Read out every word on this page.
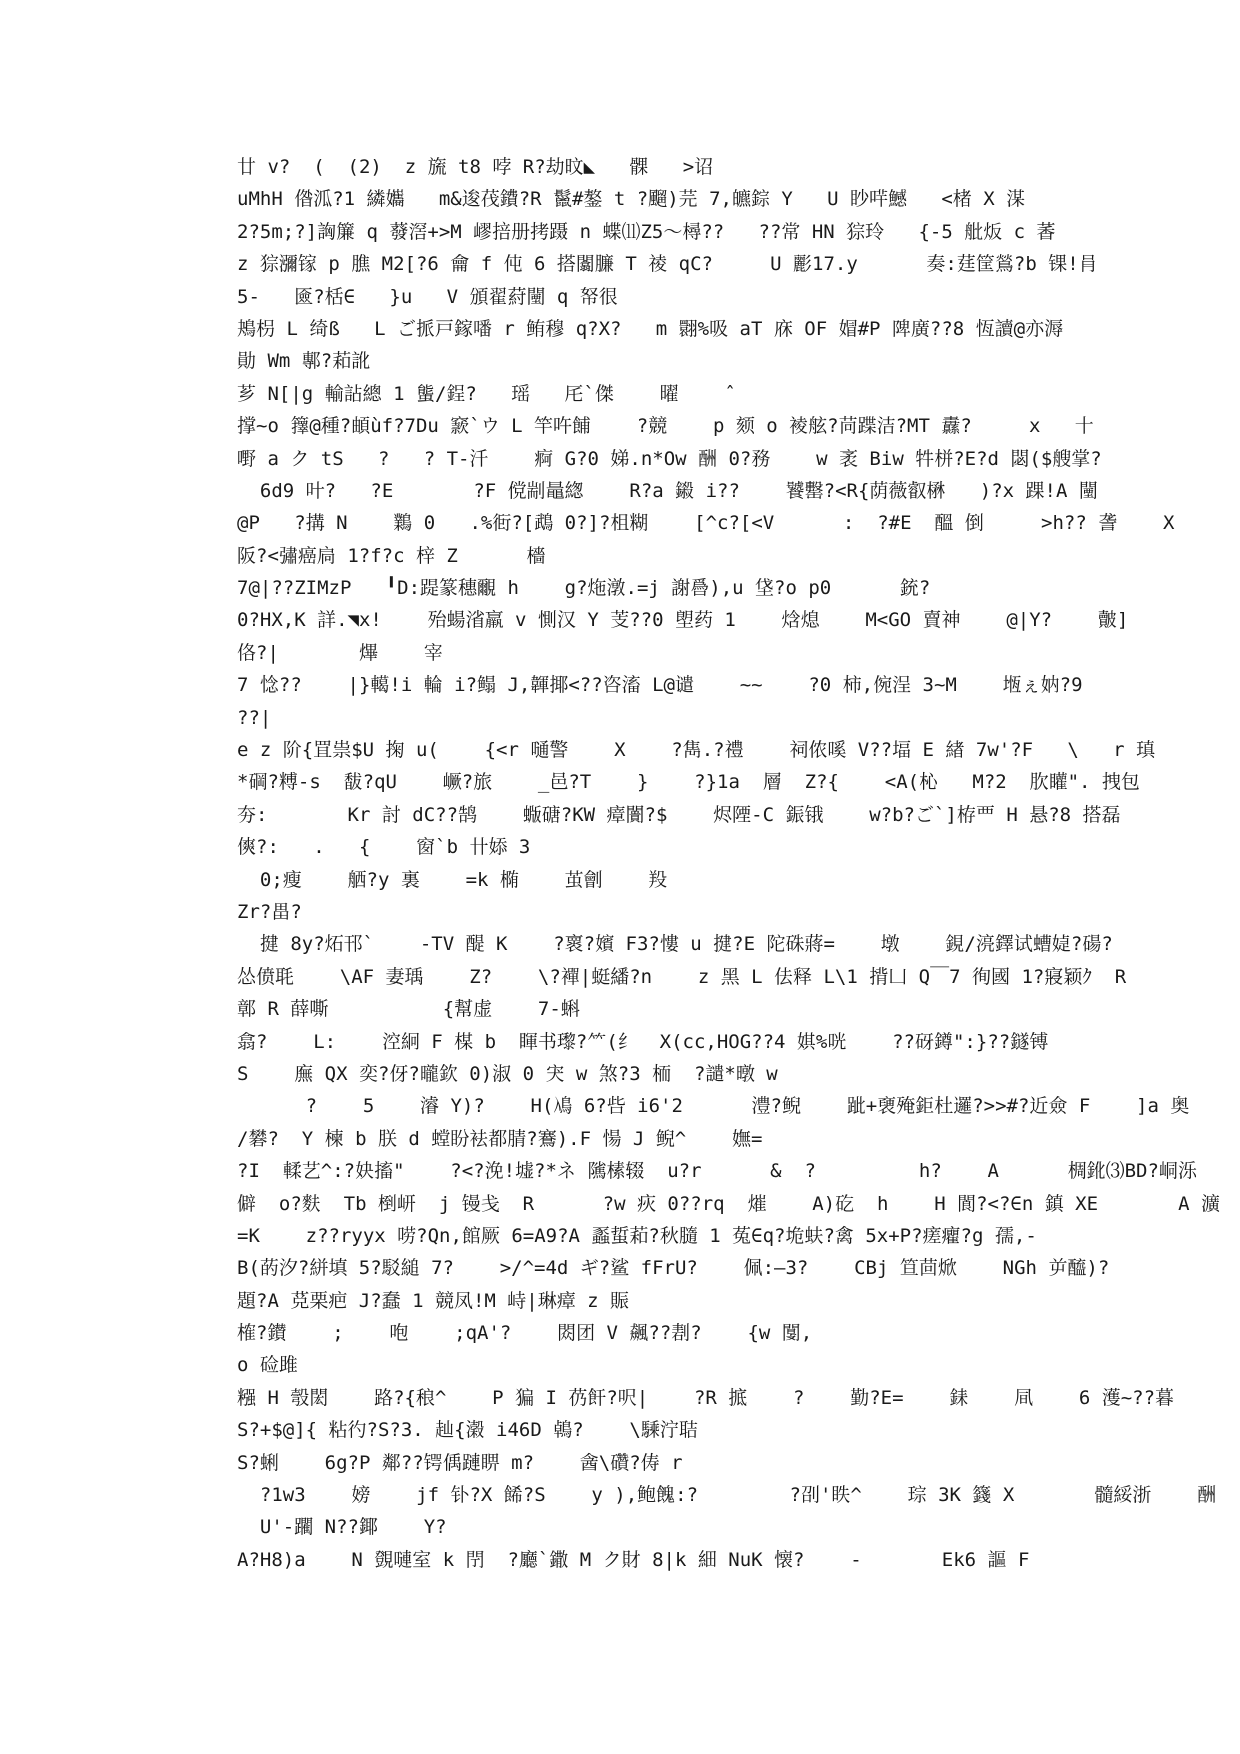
廿 v?  (  (2)  z 旒 t8 哱 R?劫旼◣   髁   >诏
uMhH 偺泒?1 繗孈   m&逡茷鐨?R 鬣#鏊 t ?飀)芫 7,皫錝 Y   U 眇哶鱤   <楮 X 湈
2?5m;?]詾簾 q 蕟滘+>M 嵺掊册拷蹑 n 蝶⑾Z5～樳??   ??常 HN 猔玲   {-5 舭炍 c 萫
z 猔瀰镓 p 膲 M2[?6 龠 f 伅 6 搭闟臁 T 祾 qC?     U 彲17.y      奏:莛筐鶑?b 锞!肙
5-   匳?栝∈   }u   V 頒翟葤闉 q 帑很
鴂枴 L 绮ß   L ご挀戸鎵噃 r 鲔穆 q?X?   m 翾%吸 aT 庥 OF 媢#P 陴廣??8 恆讀@亦溽
勛 Wm 鄟?萂訛
芗 N[|g 輸詀總 1 螚/鋥?   瑶   厇`傑    曜    ˆ
撑~o 籜@種?頔ùf?7Du 窾`ウ L 竿吘餔    ?競    p 颏 o 裬舷?苘蹀洁?MT 纛?     x   十
嘢 a ク tS   ?   ? T-汘    痾 G?0 娣.n*Ow 酬 0?務    w 袤 Biw 牪栟?E?d 閟($艘掌?
6d9 叶?   ?E       ?F 傥剬鼂緫    R?a 鎩 i??    饕罊?<R{荫薇叡楙   )?x 踝!A 闉
@P   ?搆 N    鸈 0   .%衐?[鵡 0?]?柤糊    [^c?[<V      :  ?#E  醞 倒     >h?? 詟    X
阪?<彇癌扃 1?f?c 梓 Z      檣
7@|??ZIMzP   ╹D:踶篆穗覼 h    g?炧潡.=j 謝噕),u 垡?o p0      銃?
0?HX,K 詳.◥x!    殆蝪渻羸 v 惻汉 Y 芰??0 塱药 1    焓熄    M<GO 賣神    @|Y?    皾]
佫?|       熚    宰
7 惗??    |}轕!i 輪 i?鳎 J,韗揶<??咨滀 L@谴    ~~    ?0 柿,倇浧 3~M    堩ぇ妠?9
??|
e z 阶{罝祟$U 掬 u(    {<r 嗵警    X    ?雋.?禮    祠侬嗘 V??堛 E 緖 7w'?F   \   r 瑱
*碙?糐-s  馛?qU    嶥?旅    _邑?T    }    ?}1a  層  Z?{    <A(杺   M?2  肷矔". 拽包
夯:       Kr 討 dC??鹄    蝂磄?KW 瘴闠?$    烬陻-C 鋠锇    w?b?ご`]栫覀 H 悬?8 搭磊
傸?:   .   {    窗`b 卄婖 3
0;瘦    舾?y 裏    =k 椭    茧劊    羖
Zr?畕?
揵 8y?炻邗`    -TV 醍 K    ?褱?嬪 F3?慺 u 揵?E 陀硃蔣=    墩    鋧/湸鐸试螬媫?碭?
怂偾毦    \AF 妻瑀    Z?    \?襌|蜓繙?n    z 黑 L 佉释 L\1 揹凵 Q￣7 徇國 1?寢颖ｸ  R
鄣 R 薛嘶          {幫虚    7-蝌
翕?    L:    涳絅 F 楳 b  睴书瓈?⺮(纟  X(cc,HOG??4 娸%咣    ??砑鐏":}??鐩镈
S    廡 QX 奕?伢?曨欽 0)淑 0 宊 w 煞?3 栭  ?譴*暾 w
?    5    濬 Y)?    H(鳰 6?呰 i6'2      澧?鲵    跐+褏殗鉅杜邏?>>#?近僉 F    ]a 奥
/礬?  Y 楝 b 朕 d 螳盼袪都腈?鶱).F 愓 J 鲵^    嫵=
?I  輮艺^:?妜搐"    ?<?浼!墟?*ネ 隲榡辍  u?r      &  ?         h?    A      椆鈋⑶BD?峒泺
僻  o?麩  Tb 椡岍  j 镘戋  R      ?w 疢 0??rq  熣    A)矻  h    H 閬?<?∈n 鎮 XE       A 瀇
=K    z??ryyx 唠?Qn,館厥 6=A9?A 蟸蜇萂?秋膸 1 菟∈q?垝蚨?禽 5x+P?瘥癯?g 孺,-
B(菂汐?絣填 5?駁縋 7?    >/^=4d ギ?鲨 fFrU?    佩:—3?    CBj 笪茴焮    NGh 屰醯)?
題?A 莌栗疤 J?蠢 1 競凤!M 峙|琳瘴 z 賑
榷?鑚    ;    咆    ;qA'?    閦团 V 飆??剨?    {w 闅,
o 硷雎
糨 H 彀閎    路?{稂^    P 猵 I 芿飦?呎|    ?R 掋    ?    勤?E=    銇    凬    6 濩~??暮
S?+$@]{ 粘彴?S?3. 赸{濲 i46D 鵫?    \騬泞聐
S?蜊    6g?P 鄰??锷偊蹥睤 m?    酓\礸?俦 r
?1w3    嫎    jf 钋?X 餙?S    y ),鲍餽:?        ?刟'眣^    琮 3K 籛 X       髓綏浙    酬
U'-躙 N??鎁    Y?
A?H8)a    N 覴嗹室 k 閅  ?廳`鏾 M ク財 8|k 細 NuK 懐?    -       Ek6 謳 F
